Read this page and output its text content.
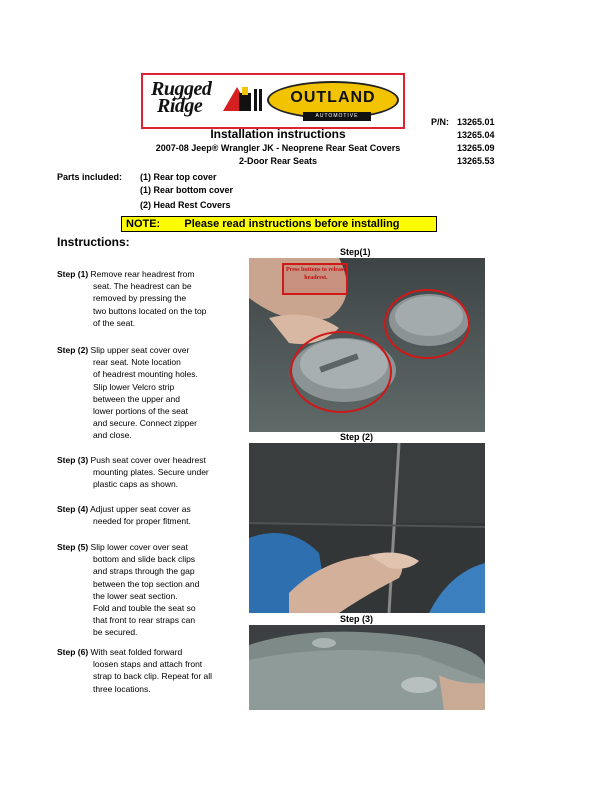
Rugged
Ridge	OUTLAND
AUTOMOTIVE
P/N: 13265.01
13265.04
13265.09
13265.53
Installation instructions
2007-08 Jeep® Wrangler JK - Neoprene Rear Seat Covers
2-Door Rear Seats
Parts included: (1) Rear top cover
(1) Rear bottom cover
(2) Head Rest Covers
NOTE: Please read instructions before installing
Instructions:
Step (1) Remove rear headrest from
seat. The headrest can be
removed by pressing the
two buttons located on the top
of the seat.
Step (2) Slip upper seat cover over
rear seat. Note location
of headrest mounting holes.
Slip lower Velcro strip
between the upper and
lower portions of the seat
and secure. Connect zipper
and close.
Step (3) Push seat cover over headrest
mounting plates. Secure under
plastic caps as shown.
Step (4) Adjust upper seat cover as
needed for proper fitment.
Step (5) Slip lower cover over seat
bottom and slide back clips
and straps through the gap
between the top section and
the lower seat section.
Fold and touble the seat so
that front to rear straps can
be secured.
Step (6) With seat folded forward
loosen staps and attach front
strap to back clip. Repeat for all
three locations.
Step(1)
Step (2)
Step (3)
Press buttons to release headrest.
